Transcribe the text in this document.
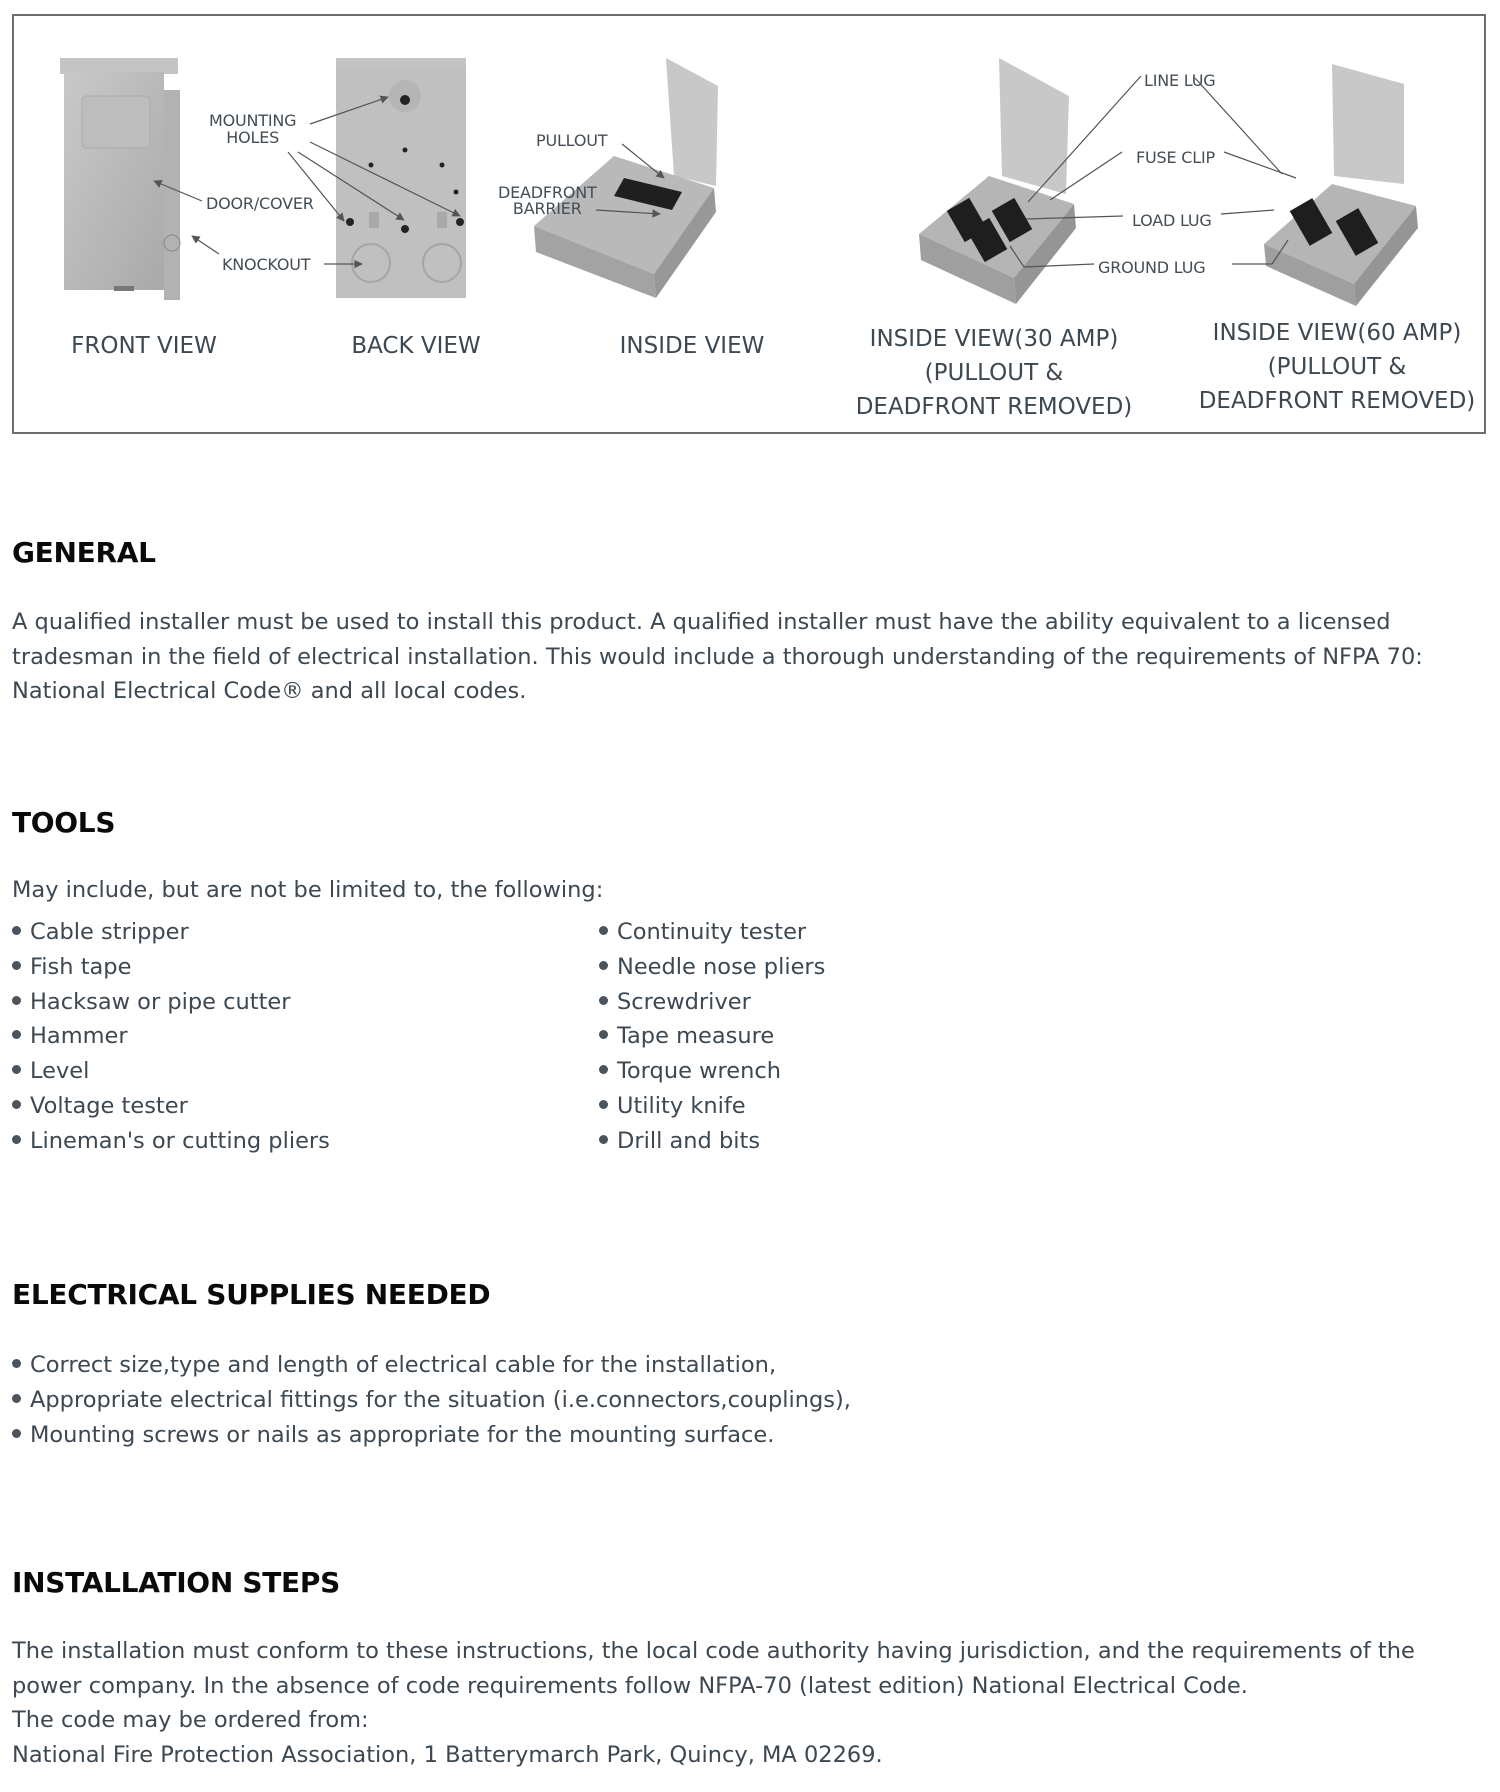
MOUNTING
HOLES
DOOR/COVER
KNOCKOUT
PULLOUT
DEADFRONT
BARRIER
LINE LUG
FUSE CLIP
LOAD LUG
GROUND LUG
FRONT VIEW	BACK VIEW	INSIDE VIEW	INSIDE VIEW(30 AMP)
(PULLOUT &
DEADFRONT REMOVED)
INSIDE VIEW(60 AMP)
(PULLOUT &
DEADFRONT REMOVED)
GENERAL

A qualified installer must be used to install this product. A qualified installer must have the ability equivalent to a licensed tradesman in the field of electrical installation. This would include a thorough understanding of the requirements of NFPA 70: National Electrical Code® and all local codes.

TOOLS

May include, but are not be limited to, the following:

Cable stripper
Fish tape
Hacksaw or pipe cutter
Hammer
Level
Voltage tester
Lineman's or cutting pliers
Continuity tester
Needle nose pliers
Screwdriver
Tape measure
Torque wrench
Utility knife
Drill and bits
ELECTRICAL SUPPLIES NEEDED
Correct size,type and length of electrical cable for the installation,
Appropriate electrical fittings for the situation (i.e.connectors,couplings),
Mounting screws or nails as appropriate for the mounting surface.
INSTALLATION STEPS
The installation must conform to these instructions, the local code authority having jurisdiction, and the requirements of the power company. In the absence of code requirements follow NFPA-70 (latest edition) National Electrical Code.
The code may be ordered from:
National Fire Protection Association, 1 Batterymarch Park, Quincy, MA 02269.
